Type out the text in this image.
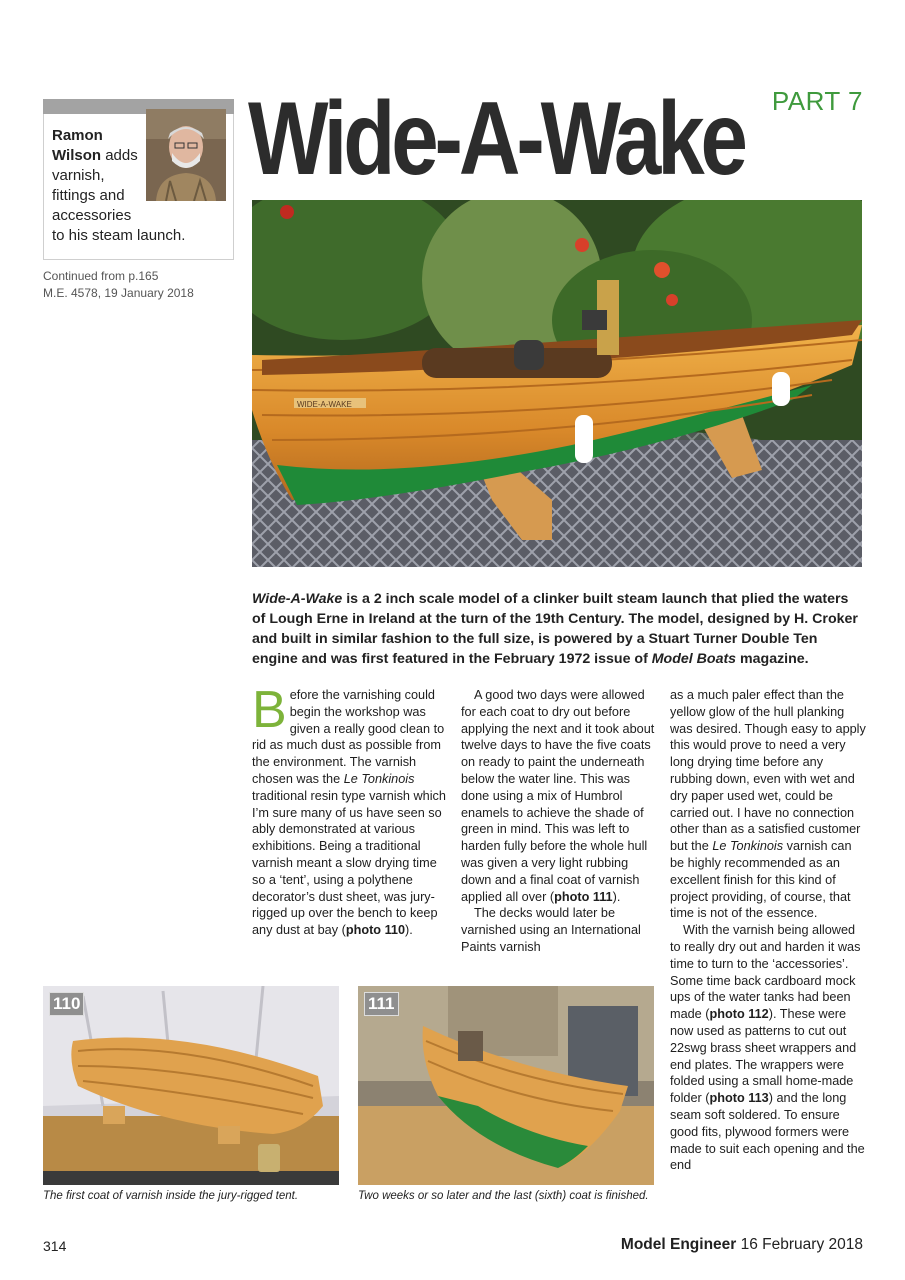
Ramon
Wilson adds
varnish,
fittings and
accessories
to his steam launch.
Continued from p.165
M.E. 4578, 19 January 2018
PART 7
Wide-A-Wake
WIDE-A-WAKE
Wide-A-Wake is a 2 inch scale model of a clinker built steam launch that plied the waters of Lough Erne in Ireland at the turn of the 19th Century. The model, designed by H. Croker and built in similar fashion to the full size, is powered by a Stuart Turner Double Ten engine and was first featured in the February 1972 issue of Model Boats magazine.

Before the varnishing could begin the workshop was given a really good clean to rid as much dust as possible from the environment. The varnish chosen was the Le Tonkinois traditional resin type varnish which I’m sure many of us have seen so ably demonstrated at various exhibitions. Being a traditional varnish meant a slow drying time so a ‘tent’, using a polythene decorator’s dust sheet, was jury-rigged up over the bench to keep any dust at bay (photo 110).

A good two days were allowed for each coat to dry out before applying the next and it took about twelve days to have the five coats on ready to paint the underneath below the water line. This was done using a mix of Humbrol enamels to achieve the shade of green in mind. This was left to harden fully before the whole hull was given a very light rubbing down and a final coat of varnish applied all over (photo 111).

The decks would later be varnished using an International Paints varnish

as a much paler effect than the yellow glow of the hull planking was desired. Though easy to apply this would prove to need a very long drying time before any rubbing down, even with wet and dry paper used wet, could be carried out. I have no connection other than as a satisfied customer but the Le Tonkinois varnish can be highly recommended as an excellent finish for this kind of project providing, of course, that time is not of the essence.

With the varnish being allowed to really dry out and harden it was time to turn to the ‘accessories’. Some time back cardboard mock ups of the water tanks had been made (photo 112). These were now used as patterns to cut out 22swg brass sheet wrappers and end plates. The wrappers were folded using a small home-made folder (photo 113) and the long seam soft soldered. To ensure good fits, plywood formers were made to suit each opening and the end

110
The first coat of varnish inside the jury-rigged tent.
111
Two weeks or so later and the last (sixth) coat is finished.
314	Model Engineer 16 February 2018
